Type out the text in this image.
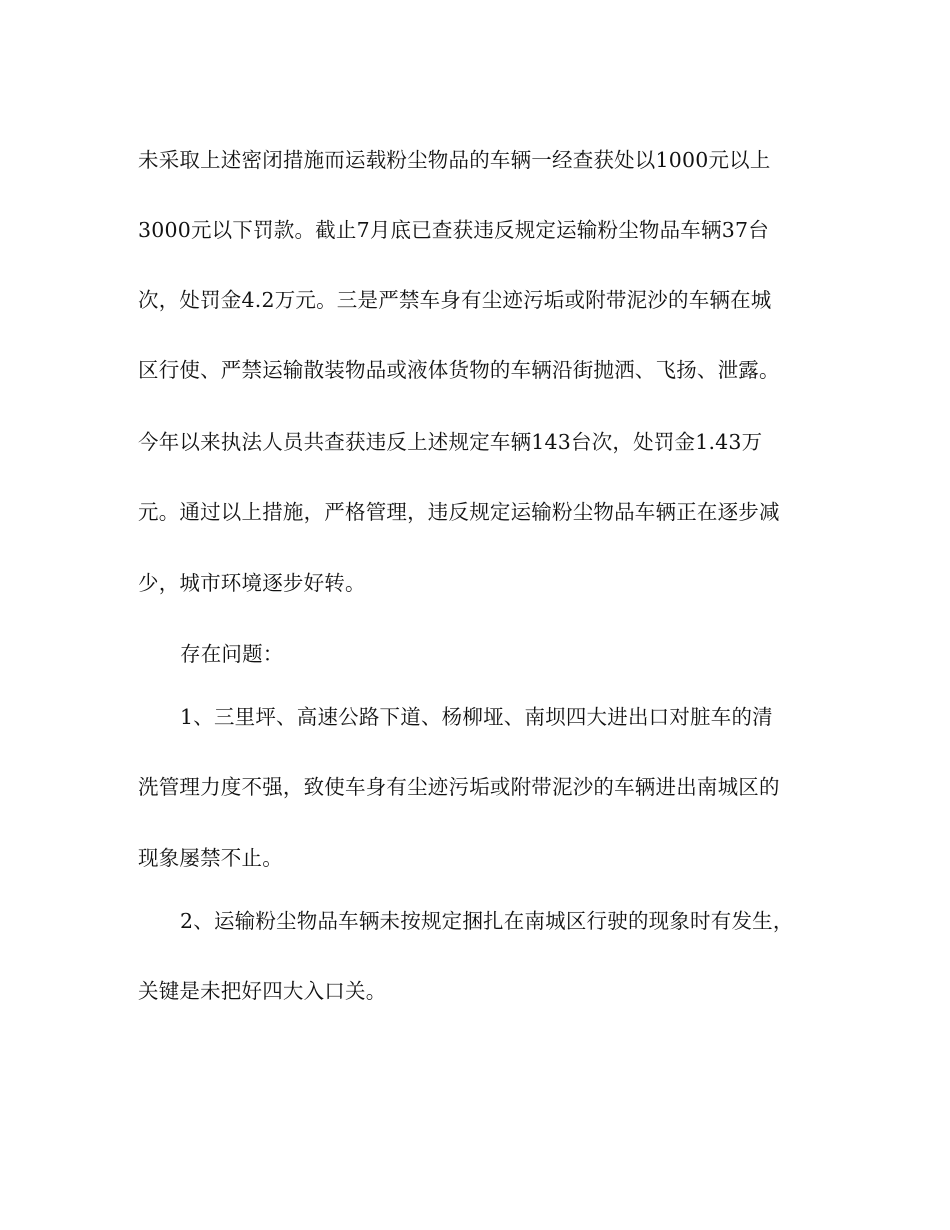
未采取上述密闭措施而运载粉尘物品的车辆一经查获处以1000元以上
3000元以下罚款。截止7月底已查获违反规定运输粉尘物品车辆37台
次，处罚金4.2万元。三是严禁车身有尘迹污垢或附带泥沙的车辆在城
区行使、严禁运输散装物品或液体货物的车辆沿街抛洒、飞扬、泄露。
今年以来执法人员共查获违反上述规定车辆143台次，处罚金1.43万
元。通过以上措施，严格管理，违反规定运输粉尘物品车辆正在逐步减
少，城市环境逐步好转。
存在问题：
1、三里坪、高速公路下道、杨柳垭、南坝四大进出口对脏车的清
洗管理力度不强，致使车身有尘迹污垢或附带泥沙的车辆进出南城区的
现象屡禁不止。
2、运输粉尘物品车辆未按规定捆扎在南城区行驶的现象时有发生，
关键是未把好四大入口关。
